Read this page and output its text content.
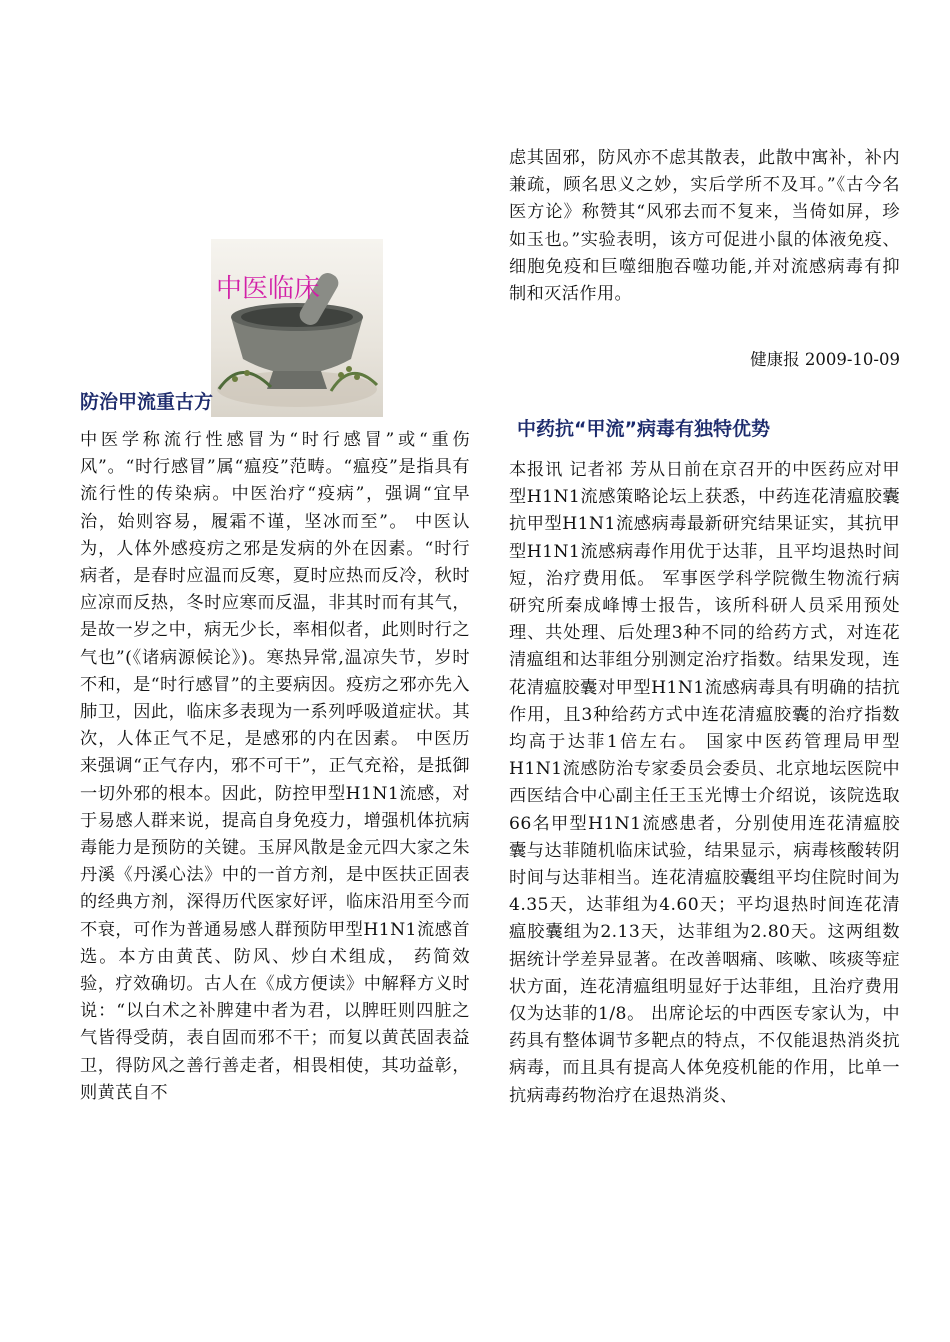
中医临床
防治甲流重古方
中医学称流行性感冒为“时行感冒”或“重伤风”。“时行感冒”属“瘟疫”范畴。“瘟疫”是指具有流行性的传染病。中医治疗“疫病”，强调“宜早治，始则容易，履霜不谨，坚冰而至”。 中医认为，人体外感疫疠之邪是发病的外在因素。“时行病者，是春时应温而反寒，夏时应热而反冷，秋时应凉而反热，冬时应寒而反温，非其时而有其气，是故一岁之中，病无少长，率相似者，此则时行之气也”(《诸病源候论》)。寒热异常,温凉失节，岁时不和，是“时行感冒”的主要病因。疫疠之邪亦先入肺卫，因此，临床多表现为一系列呼吸道症状。其次，人体正气不足，是感邪的内在因素。 中医历来强调“正气存内，邪不可干”，正气充裕，是抵御一切外邪的根本。因此，防控甲型H1N1流感，对于易感人群来说，提高自身免疫力，增强机体抗病毒能力是预防的关键。玉屏风散是金元四大家之朱丹溪《丹溪心法》中的一首方剂，是中医扶正固表的经典方剂，深得历代医家好评，临床沿用至今而不衰，可作为普通易感人群预防甲型H1N1流感首选。本方由黄芪、防风、炒白术组成， 药简效验，疗效确切。古人在《成方便读》中解释方义时说：“以白术之补脾建中者为君，以脾旺则四脏之气皆得受荫，表自固而邪不干；而复以黄芪固表益卫，得防风之善行善走者，相畏相使，其功益彰，则黄芪自不
虑其固邪，防风亦不虑其散表，此散中寓补，补内兼疏，顾名思义之妙，实后学所不及耳。”《古今名医方论》称赞其“风邪去而不复来，当倚如屏，珍如玉也。”实验表明，该方可促进小鼠的体液免疫、细胞免疫和巨噬细胞吞噬功能,并对流感病毒有抑制和灭活作用。
健康报 2009-10-09
中药抗“甲流”病毒有独特优势
本报讯 记者祁 芳从日前在京召开的中医药应对甲型H1N1流感策略论坛上获悉，中药连花清瘟胶囊抗甲型H1N1流感病毒最新研究结果证实，其抗甲型H1N1流感病毒作用优于达菲，且平均退热时间短，治疗费用低。 军事医学科学院微生物流行病研究所秦成峰博士报告，该所科研人员采用预处理、共处理、后处理3种不同的给药方式，对连花清瘟组和达菲组分别测定治疗指数。结果发现，连花清瘟胶囊对甲型H1N1流感病毒具有明确的拮抗作用，且3种给药方式中连花清瘟胶囊的治疗指数均高于达菲1倍左右。 国家中医药管理局甲型H1N1流感防治专家委员会委员、北京地坛医院中西医结合中心副主任王玉光博士介绍说，该院选取66名甲型H1N1流感患者，分别使用连花清瘟胶囊与达菲随机临床试验，结果显示，病毒核酸转阴时间与达菲相当。连花清瘟胶囊组平均住院时间为4.35天，达菲组为4.60天；平均退热时间连花清瘟胶囊组为2.13天，达菲组为2.80天。这两组数据统计学差异显著。在改善咽痛、咳嗽、咳痰等症状方面，连花清瘟组明显好于达菲组，且治疗费用仅为达菲的1/8。 出席论坛的中西医专家认为，中药具有整体调节多靶点的特点，不仅能退热消炎抗病毒，而且具有提高人体免疫机能的作用，比单一抗病毒药物治疗在退热消炎、
